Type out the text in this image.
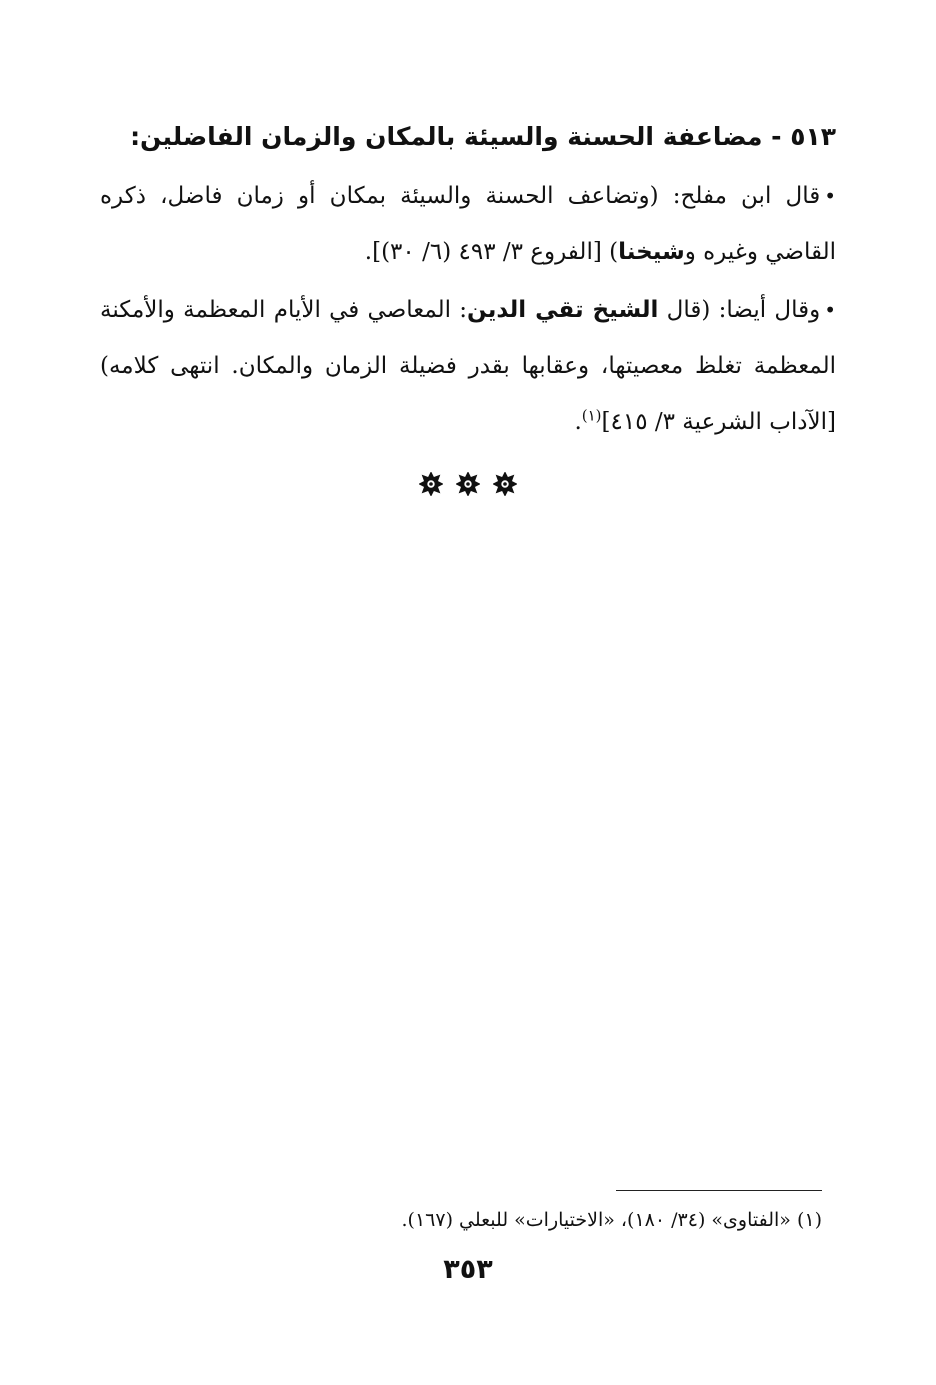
٥١٣ - مضاعفة الحسنة والسيئة بالمكان والزمان الفاضلين:

•قال ابن مفلح: (وتضاعف الحسنة والسيئة بمكان أو زمان فاضل، ذكره القاضي وغيره وشيخنا) [الفروع ٣/ ٤٩٣ (٦/ ٣٠)].

•وقال أيضا: (قال الشيخ تقي الدين: المعاصي في الأيام المعظمة والأمكنة المعظمة تغلظ معصيتها، وعقابها بقدر فضيلة الزمان والمكان. انتهى كلامه) [الآداب الشرعية ٣/ ٤١٥]$^{(١)}$.

(١) «الفتاوى» (٣٤/ ١٨٠)، «الاختيارات» للبعلي (١٦٧).
٣٥٣
